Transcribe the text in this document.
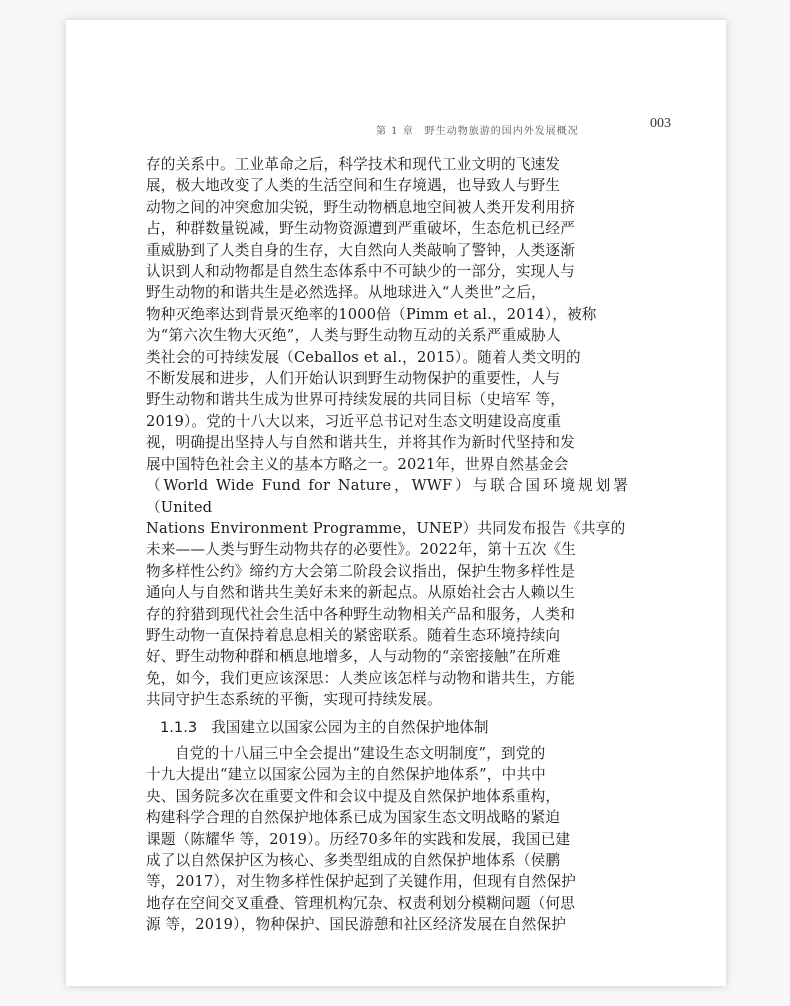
第 1 章　野生动物旅游的国内外发展概况
003

存的关系中。工业革命之后，科学技术和现代工业文明的飞速发
展，极大地改变了人类的生活空间和生存境遇，也导致人与野生
动物之间的冲突愈加尖锐，野生动物栖息地空间被人类开发利用挤
占，种群数量锐减，野生动物资源遭到严重破坏，生态危机已经严
重威胁到了人类自身的生存，大自然向人类敲响了警钟，人类逐渐
认识到人和动物都是自然生态体系中不可缺少的一部分，实现人与
野生动物的和谐共生是必然选择。从地球进入“人类世”之后，
物种灭绝率达到背景灭绝率的1000倍（Pimm et al.，2014），被称
为“第六次生物大灭绝”，人类与野生动物互动的关系严重威胁人
类社会的可持续发展（Ceballos et al.，2015）。随着人类文明的
不断发展和进步，人们开始认识到野生动物保护的重要性，人与
野生动物和谐共生成为世界可持续发展的共同目标（史培军 等，
2019）。党的十八大以来，习近平总书记对生态文明建设高度重
视，明确提出坚持人与自然和谐共生，并将其作为新时代坚持和发
展中国特色社会主义的基本方略之一。2021年，世界自然基金会
（World Wide Fund for Nature，WWF）与联合国环境规划署（United
Nations Environment Programme，UNEP）共同发布报告《共享的
未来——人类与野生动物共存的必要性》。2022年，第十五次《生
物多样性公约》缔约方大会第二阶段会议指出，保护生物多样性是
通向人与自然和谐共生美好未来的新起点。从原始社会古人赖以生
存的狩猎到现代社会生活中各种野生动物相关产品和服务，人类和
野生动物一直保持着息息相关的紧密联系。随着生态环境持续向
好、野生动物种群和栖息地增多，人与动物的“亲密接触”在所难
免，如今，我们更应该深思：人类应该怎样与动物和谐共生，方能
共同守护生态系统的平衡，实现可持续发展。

1.1.3 我国建立以国家公园为主的自然保护地体制

自党的十八届三中全会提出“建设生态文明制度”，到党的
十九大提出“建立以国家公园为主的自然保护地体系”，中共中
央、国务院多次在重要文件和会议中提及自然保护地体系重构，
构建科学合理的自然保护地体系已成为国家生态文明战略的紧迫
课题（陈耀华 等，2019）。历经70多年的实践和发展，我国已建
成了以自然保护区为核心、多类型组成的自然保护地体系（侯鹏
等，2017），对生物多样性保护起到了关键作用，但现有自然保护
地存在空间交叉重叠、管理机构冗杂、权责利划分模糊问题（何思
源 等，2019），物种保护、国民游憩和社区经济发展在自然保护
